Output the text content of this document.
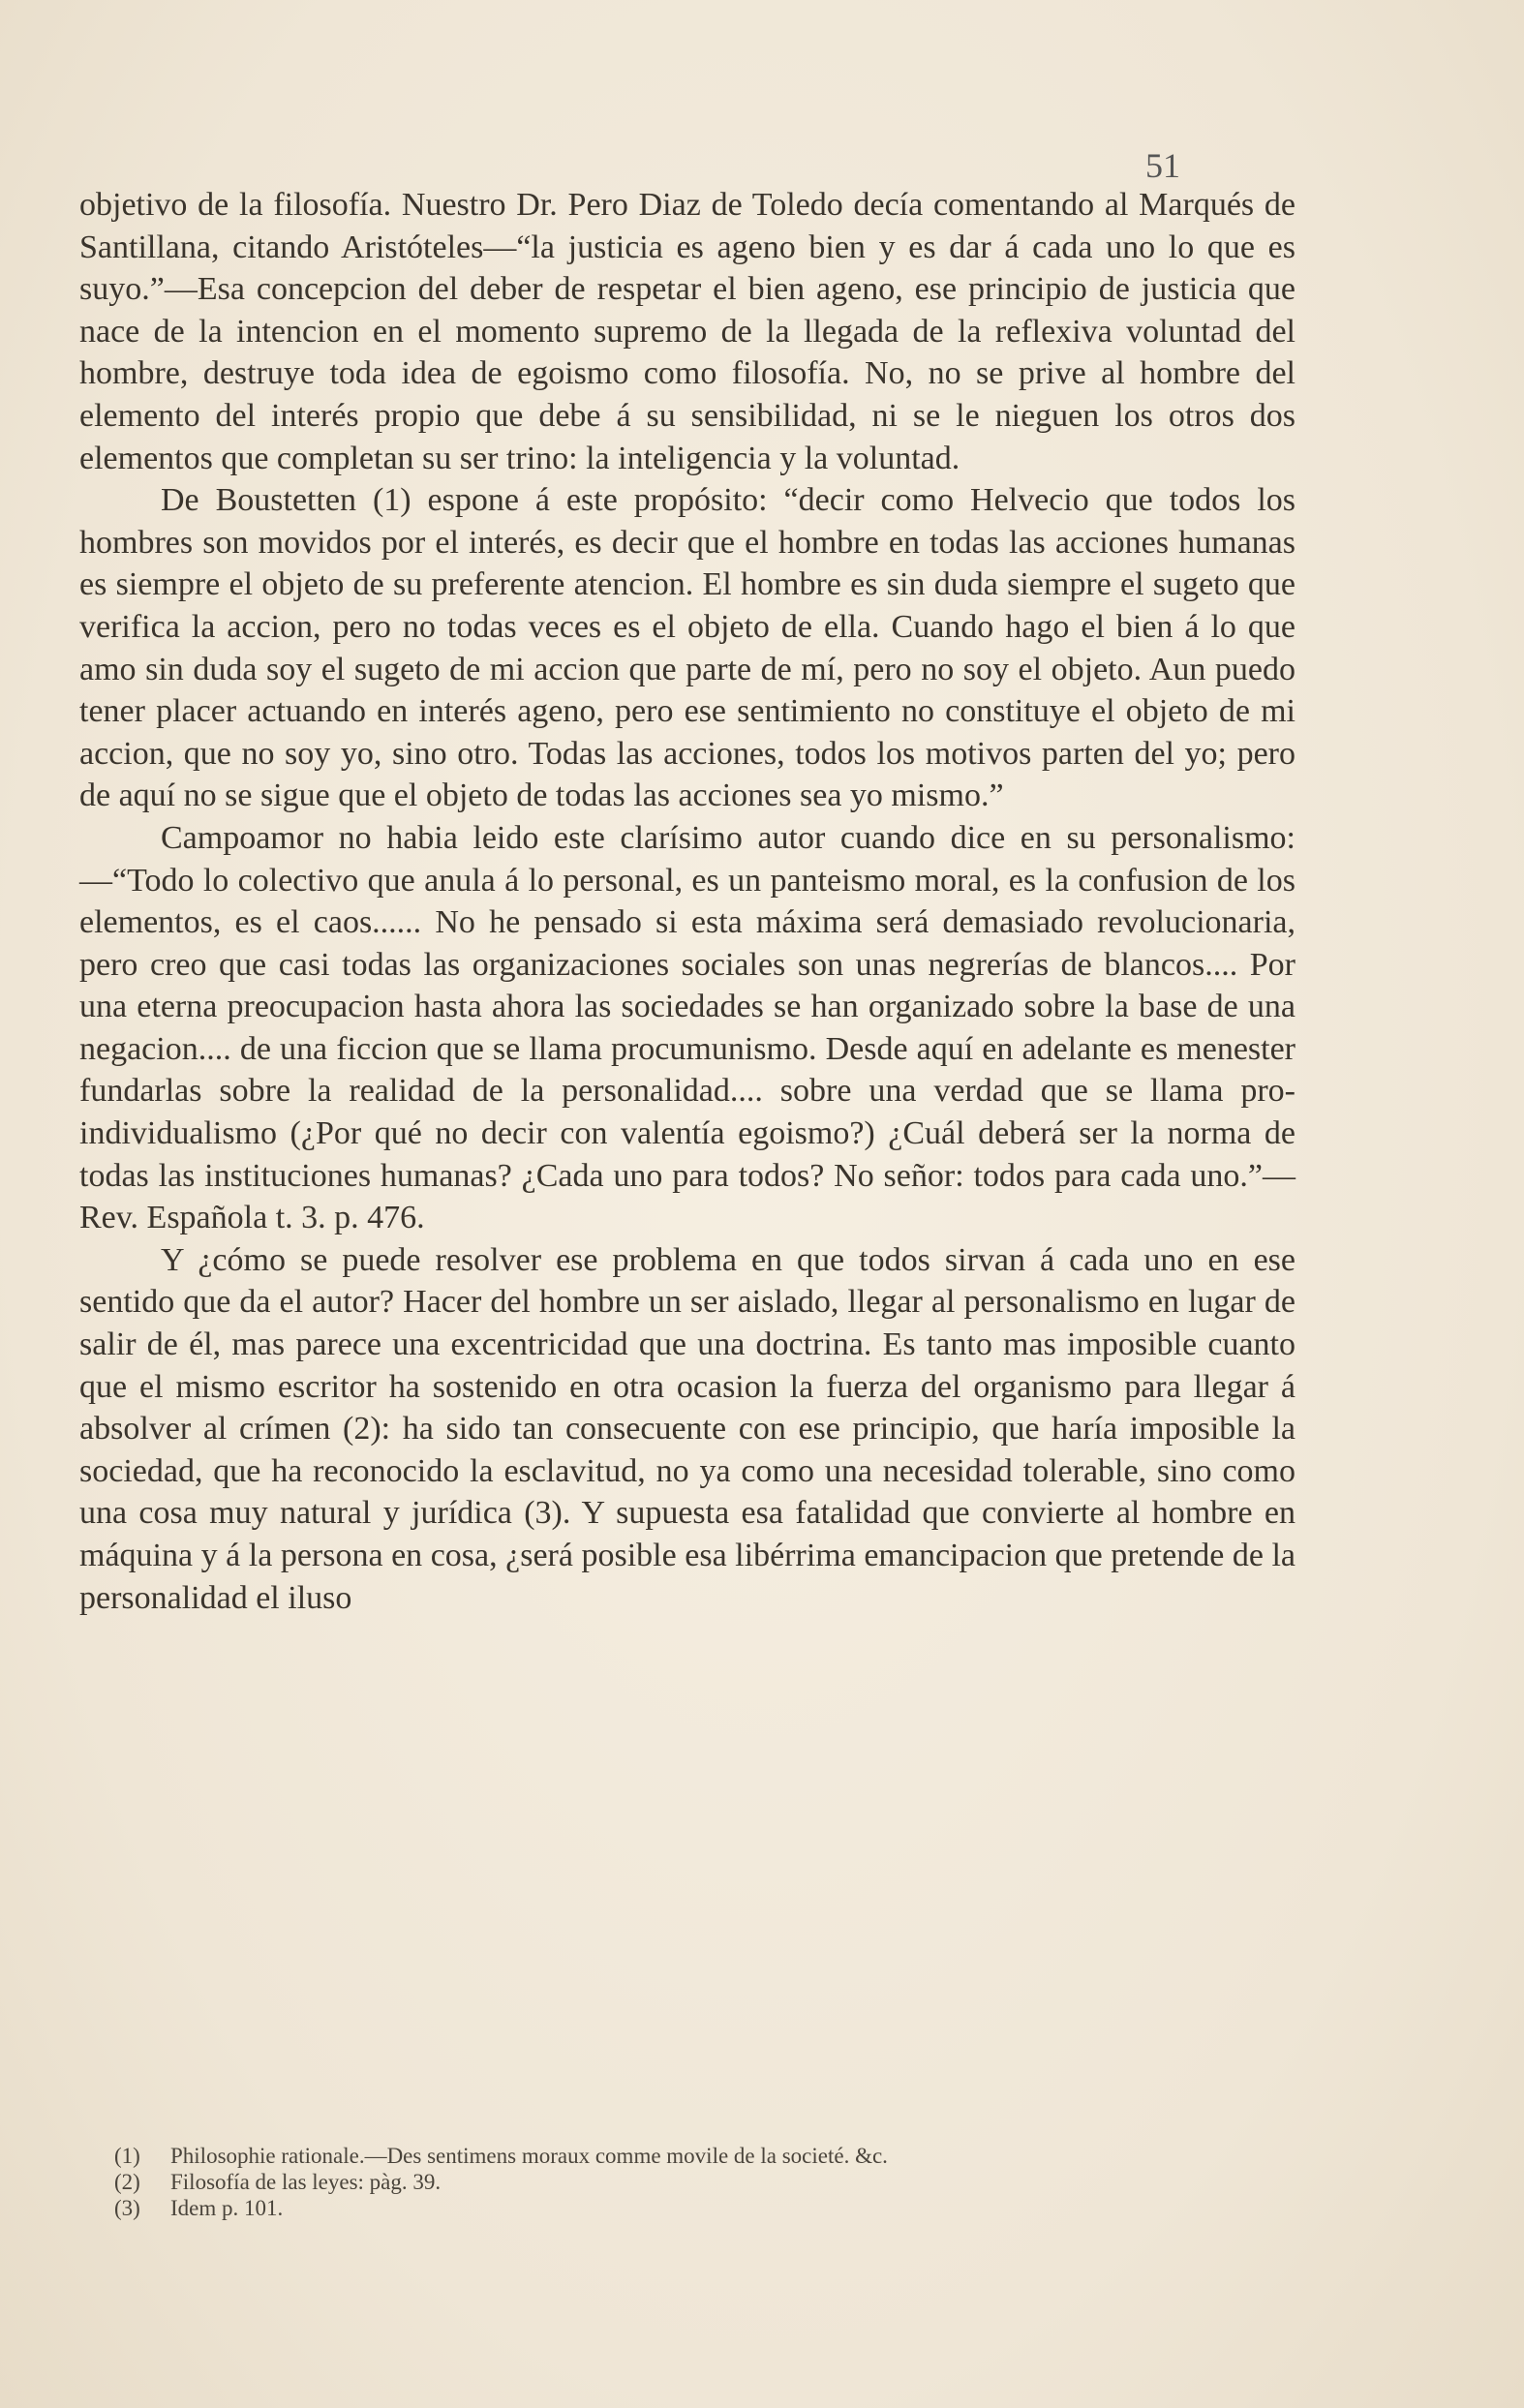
51

objetivo de la filosofía. Nuestro Dr. Pero Diaz de Toledo decía comentando al Marqués de Santillana, citando Aristóteles—“la justicia es ageno bien y es dar á cada uno lo que es suyo.”—Esa concepcion del deber de respetar el bien ageno, ese principio de justicia que nace de la intencion en el momento supremo de la llegada de la reflexiva voluntad del hombre, destruye toda idea de egoismo como filosofía. No, no se prive al hombre del elemento del interés propio que debe á su sensibilidad, ni se le nieguen los otros dos elementos que completan su ser trino: la inteligencia y la voluntad.

De Boustetten (1) espone á este propósito: “decir como Helvecio que todos los hombres son movidos por el interés, es decir que el hombre en todas las acciones humanas es siempre el objeto de su preferente atencion. El hombre es sin duda siempre el sugeto que verifica la accion, pero no todas veces es el objeto de ella. Cuando hago el bien á lo que amo sin duda soy el sugeto de mi accion que parte de mí, pero no soy el objeto. Aun puedo tener placer actuando en interés ageno, pero ese sentimiento no constituye el objeto de mi accion, que no soy yo, sino otro. Todas las acciones, todos los motivos parten del yo; pero de aquí no se sigue que el objeto de todas las acciones sea yo mismo.”

Campoamor no habia leido este clarísimo autor cuando dice en su personalismo:—“Todo lo colectivo que anula á lo personal, es un panteismo moral, es la confusion de los elementos, es el caos...... No he pensado si esta máxima será demasiado revolucionaria, pero creo que casi todas las organizaciones sociales son unas negrerías de blancos.... Por una eterna preocupacion hasta ahora las sociedades se han organizado sobre la base de una negacion.... de una ficcion que se llama procumunismo. Desde aquí en adelante es menester fundarlas sobre la realidad de la personalidad.... sobre una verdad que se llama pro-individualismo (¿Por qué no decir con valentía egoismo?) ¿Cuál deberá ser la norma de todas las instituciones humanas? ¿Cada uno para todos? No señor: todos para cada uno.”—Rev. Española t. 3. p. 476.

Y ¿cómo se puede resolver ese problema en que todos sirvan á cada uno en ese sentido que da el autor? Hacer del hombre un ser aislado, llegar al personalismo en lugar de salir de él, mas parece una excentricidad que una doctrina. Es tanto mas imposible cuanto que el mismo escritor ha sostenido en otra ocasion la fuerza del organismo para llegar á absolver al crímen (2): ha sido tan consecuente con ese principio, que haría imposible la sociedad, que ha reconocido la esclavitud, no ya como una necesidad tolerable, sino como una cosa muy natural y jurídica (3). Y supuesta esa fatalidad que convierte al hombre en máquina y á la persona en cosa, ¿será posible esa libérrima emancipacion que pretende de la personalidad el iluso

(1)	Philosophie rationale.—Des sentimens moraux comme movile de la societé. &c.
(2)	Filosofía de las leyes: pàg. 39.
(3)	Idem p. 101.
